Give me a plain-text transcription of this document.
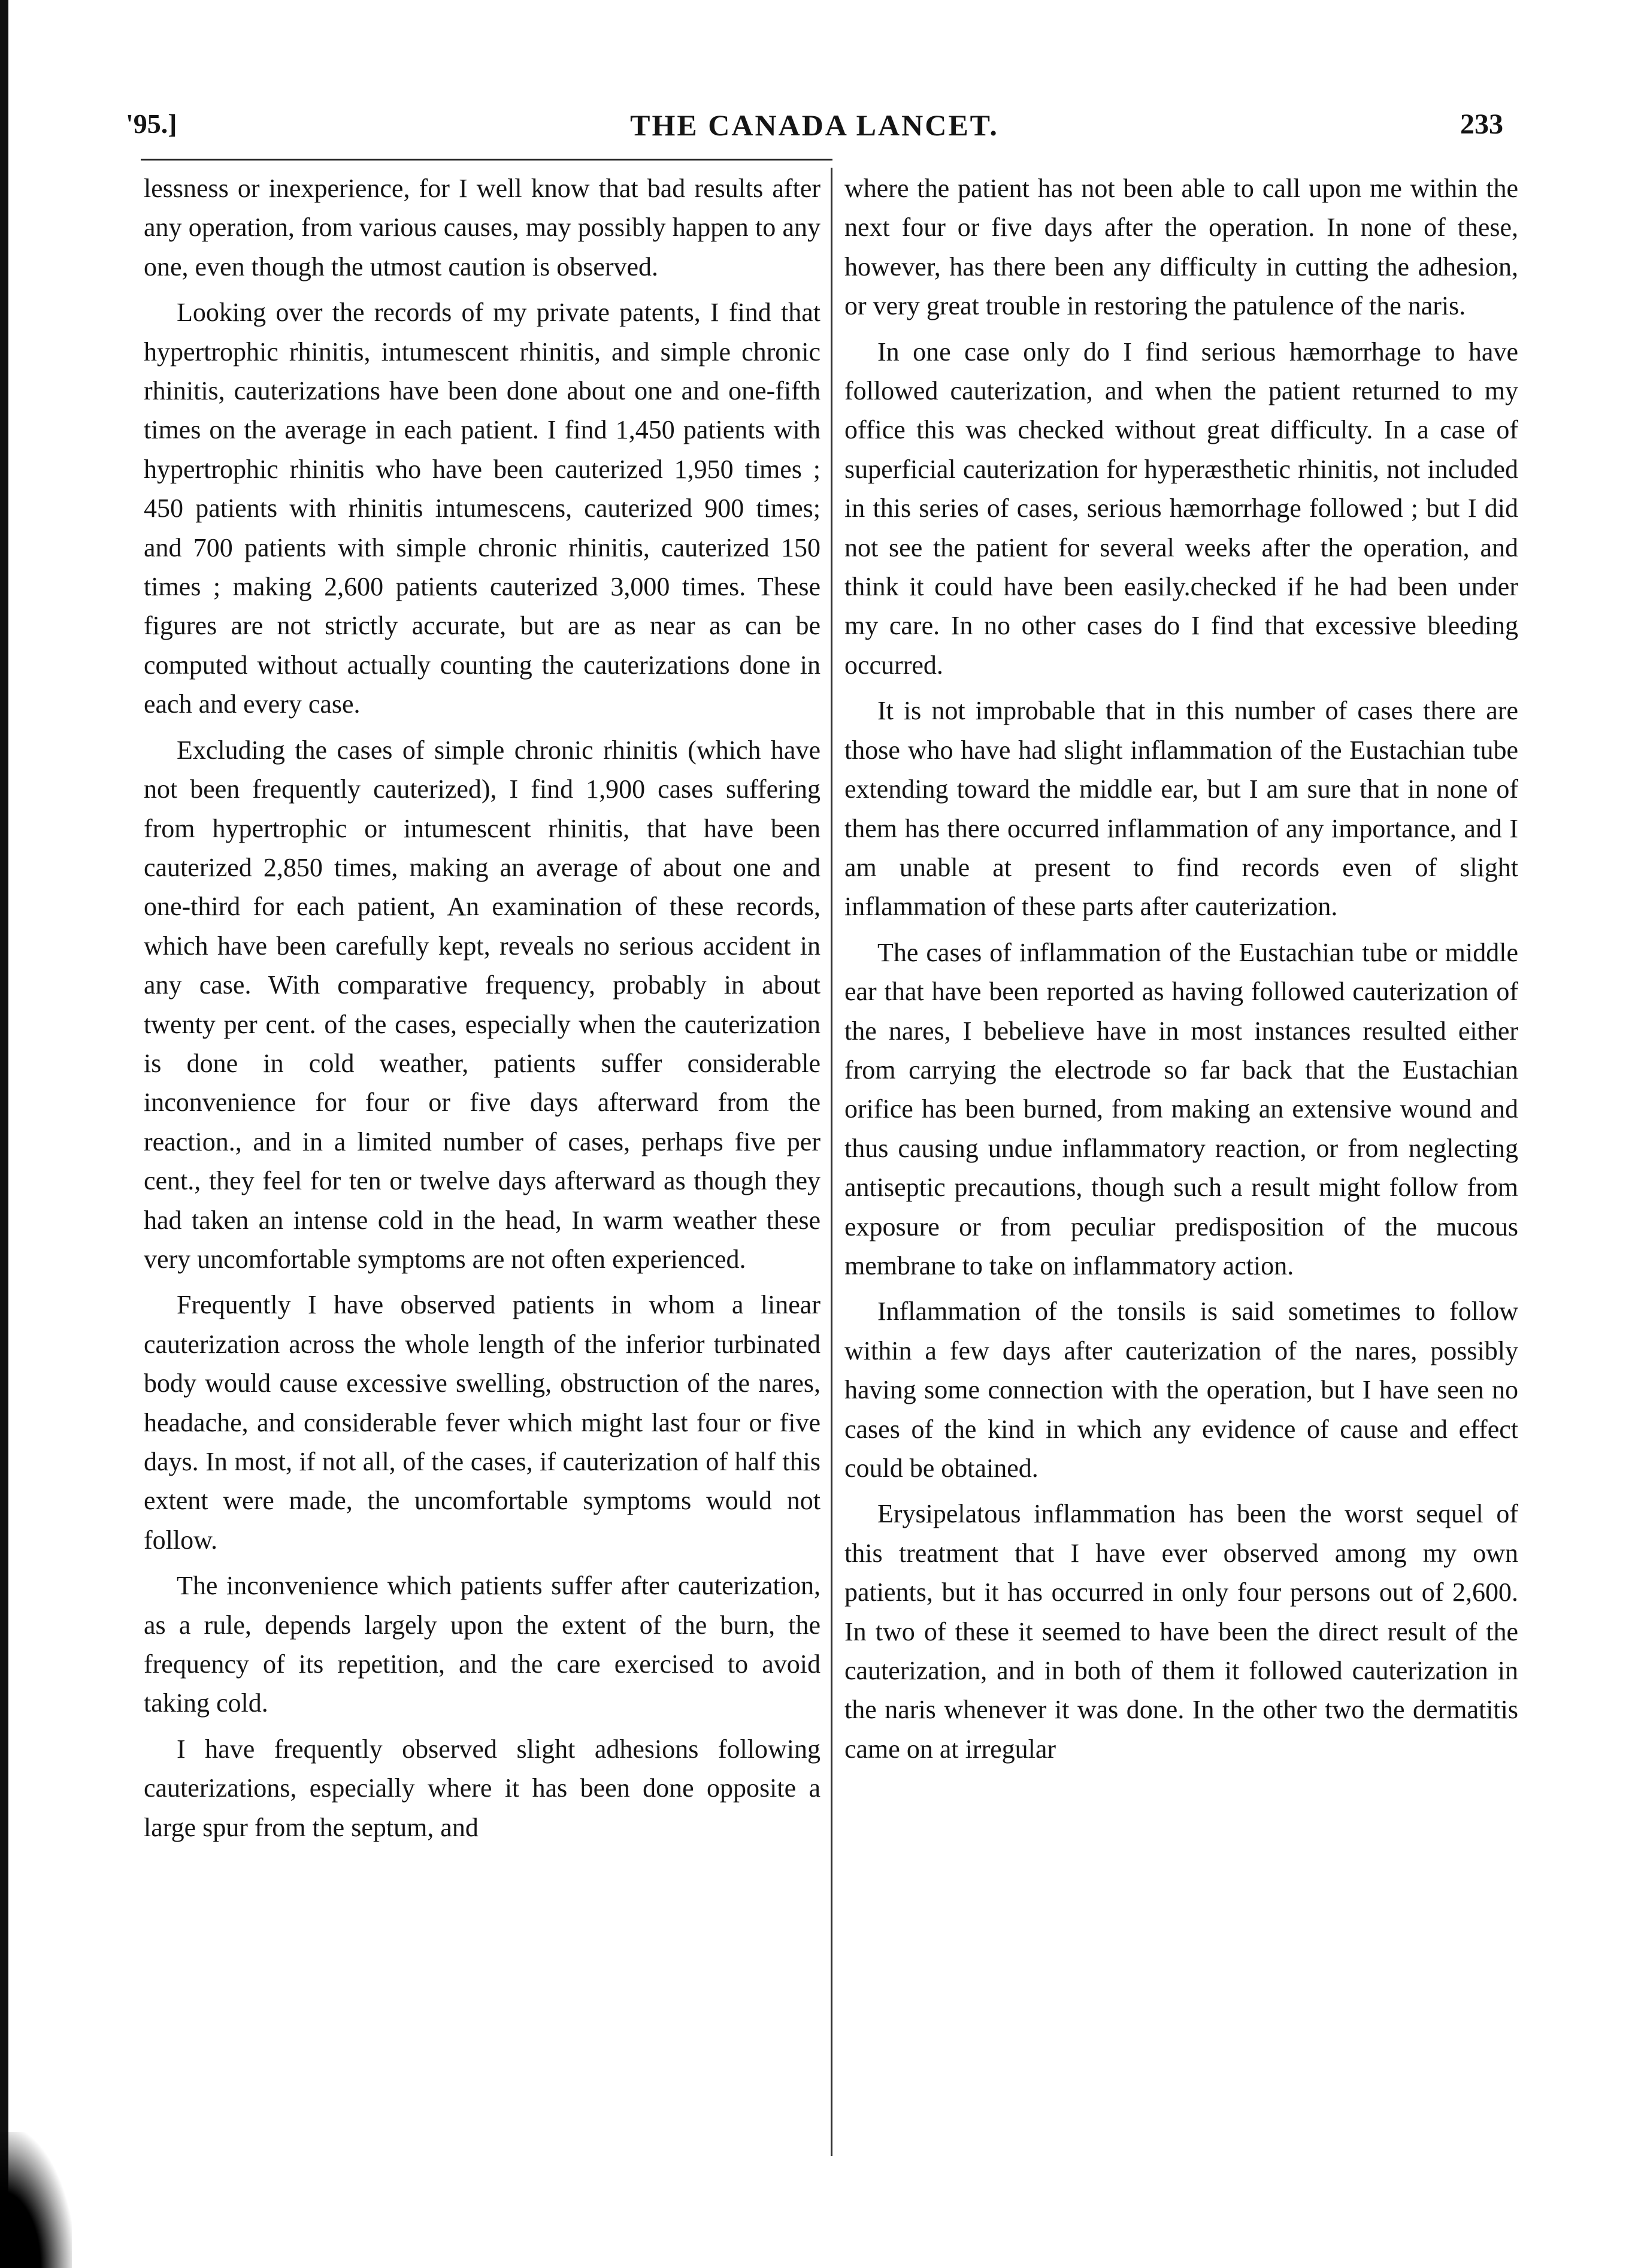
'95.]	THE CANADA LANCET.	233

lessness or inexperience, for I well know that bad results after any operation, from various causes, may possibly happen to any one, even though the utmost caution is observed.

Looking over the records of my private patents, I find that hypertrophic rhinitis, intumescent rhinitis, and simple chronic rhinitis, cauterizations have been done about one and one-fifth times on the average in each patient. I find 1,450 patients with hypertrophic rhinitis who have been cauterized 1,950 times ; 450 patients with rhinitis intumescens, cauterized 900 times; and 700 patients with simple chronic rhinitis, cauterized 150 times ; making 2,600 patients cauterized 3,000 times. These figures are not strictly accurate, but are as near as can be computed without actually counting the cauterizations done in each and every case.

Excluding the cases of simple chronic rhinitis (which have not been frequently cauterized), I find 1,900 cases suffering from hypertrophic or intumescent rhinitis, that have been cauterized 2,850 times, making an average of about one and one-third for each patient, An examination of these records, which have been carefully kept, reveals no serious accident in any case. With comparative frequency, probably in about twenty per cent. of the cases, especially when the cauterization is done in cold weather, patients suffer considerable inconvenience for four or five days afterward from the reaction., and in a limited number of cases, perhaps five per cent., they feel for ten or twelve days afterward as though they had taken an intense cold in the head, In warm weather these very uncomfortable symptoms are not often experienced.

Frequently I have observed patients in whom a linear cauterization across the whole length of the inferior turbinated body would cause excessive swelling, obstruction of the nares, headache, and considerable fever which might last four or five days. In most, if not all, of the cases, if cauterization of half this extent were made, the uncomfortable symptoms would not follow.

The inconvenience which patients suffer after cauterization, as a rule, depends largely upon the extent of the burn, the frequency of its repetition, and the care exercised to avoid taking cold.

I have frequently observed slight adhesions following cauterizations, especially where it has been done opposite a large spur from the septum, and

where the patient has not been able to call upon me within the next four or five days after the operation. In none of these, however, has there been any difficulty in cutting the adhesion, or very great trouble in restoring the patulence of the naris.

In one case only do I find serious hæmorrhage to have followed cauterization, and when the patient returned to my office this was checked without great difficulty. In a case of superficial cauterization for hyperæsthetic rhinitis, not included in this series of cases, serious hæmorrhage followed ; but I did not see the patient for several weeks after the operation, and think it could have been easily.checked if he had been under my care. In no other cases do I find that excessive bleeding occurred.

It is not improbable that in this number of cases there are those who have had slight inflammation of the Eustachian tube extending toward the middle ear, but I am sure that in none of them has there occurred inflammation of any importance, and I am unable at present to find records even of slight inflammation of these parts after cauterization.

The cases of inflammation of the Eustachian tube or middle ear that have been reported as having followed cauterization of the nares, I bebelieve have in most instances resulted either from carrying the electrode so far back that the Eustachian orifice has been burned, from making an extensive wound and thus causing undue inflammatory reaction, or from neglecting antiseptic precautions, though such a result might follow from exposure or from peculiar predisposition of the mucous membrane to take on inflammatory action.

Inflammation of the tonsils is said sometimes to follow within a few days after cauterization of the nares, possibly having some connection with the operation, but I have seen no cases of the kind in which any evidence of cause and effect could be obtained.

Erysipelatous inflammation has been the worst sequel of this treatment that I have ever observed among my own patients, but it has occurred in only four persons out of 2,600. In two of these it seemed to have been the direct result of the cauterization, and in both of them it followed cauterization in the naris whenever it was done. In the other two the dermatitis came on at irregular
